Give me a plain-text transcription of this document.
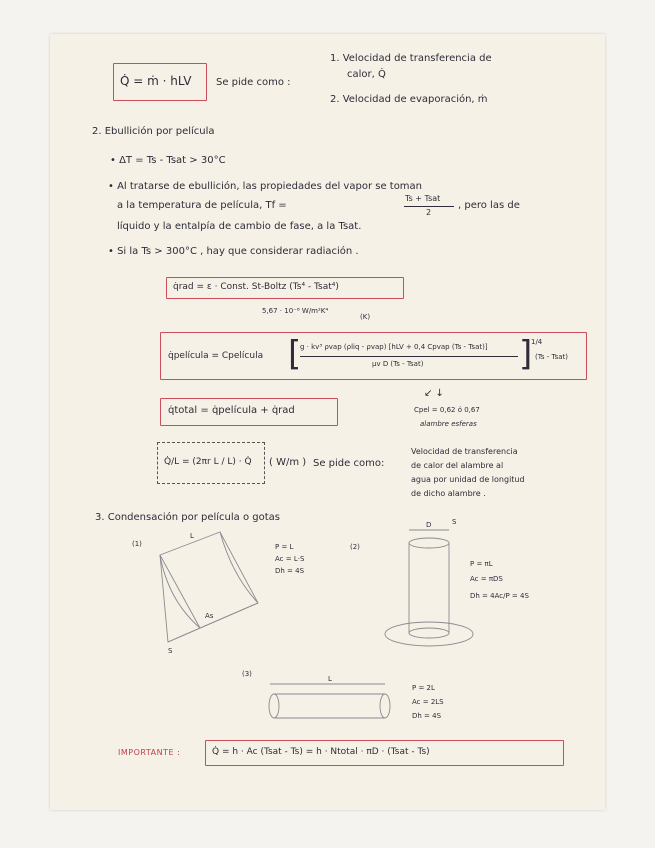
Q̇ = ṁ · hLV Se pide como :
1. Velocidad de transferencia de
calor, Q̇
2. Velocidad de evaporación, ṁ
2. Ebullición por película
• ΔT = Ts - Tsat > 30°C
• Al tratarse de ebullición, las propiedades del vapor se toman
a la temperatura de película, Tf =
Ts + Tsat
2
, pero las de
líquido y la entalpía de cambio de fase, a la Tsat.
• Si la Ts > 300°C , hay que considerar radiación .
q̇rad = ε · Const. St-Boltz (Ts⁴ - Tsat⁴)
5,67 · 10⁻⁸ W/m²K⁴
(K)
q̇película = Cpelícula [
g · kv³ ρvap (ρliq - ρvap) [hLV + 0,4 Cpvap (Ts - Tsat)]
μv D (Ts - Tsat)	]
1/4
(Ts - Tsat)
q̇total = q̇película + q̇rad
↙ ↓
Cpel = 0,62 ó 0,67
alambre esferas
Q̇/L = (2πr L / L) · Q̇ ( W/m ) Se pide como:
Velocidad de transferencia
de calor del alambre al
agua por unidad de longitud
de dicho alambre .
3. Condensación por película o gotas
(1)
L
As
S
P = L
Ac = L·S
Dh = 4S
(2)
D	S
P = πL
Ac = πDS
Dh = 4Ac/P = 4S
(3)
L
P = 2L
Ac = 2LS
Dh = 4S
IMPORTANTE :	Q̇ = h · Ac (Tsat - Ts) = h · Ntotal · πD · (Tsat - Ts)
